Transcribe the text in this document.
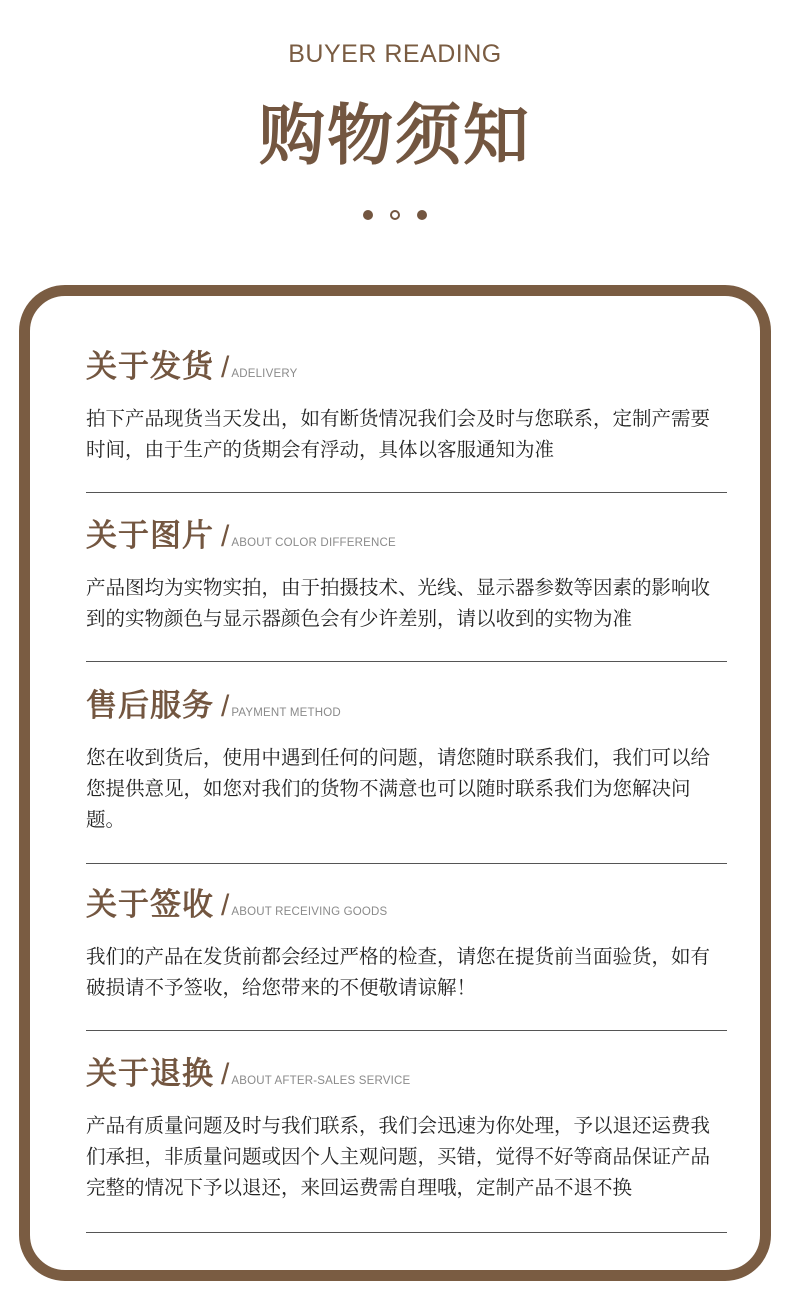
BUYER READING
购物须知
关于发货 / ADELIVERY

拍下产品现货当天发出，如有断货情况我们会及时与您联系，定制产需要时间，由于生产的货期会有浮动，具体以客服通知为准

关于图片 / ABOUT COLOR DIFFERENCE

产品图均为实物实拍，由于拍摄技术、光线、显示器参数等因素的影响收到的实物颜色与显示器颜色会有少许差别，请以收到的实物为准

售后服务 / PAYMENT METHOD

您在收到货后，使用中遇到任何的问题，请您随时联系我们，我们可以给您提供意见，如您对我们的货物不满意也可以随时联系我们为您解决问题。

关于签收 / ABOUT RECEIVING GOODS

我们的产品在发货前都会经过严格的检查，请您在提货前当面验货，如有破损请不予签收，给您带来的不便敬请谅解！

关于退换 / ABOUT AFTER-SALES SERVICE

产品有质量问题及时与我们联系，我们会迅速为你处理，予以退还运费我们承担，非质量问题或因个人主观问题，买错，觉得不好等商品保证产品完整的情况下予以退还，来回运费需自理哦，定制产品不退不换
